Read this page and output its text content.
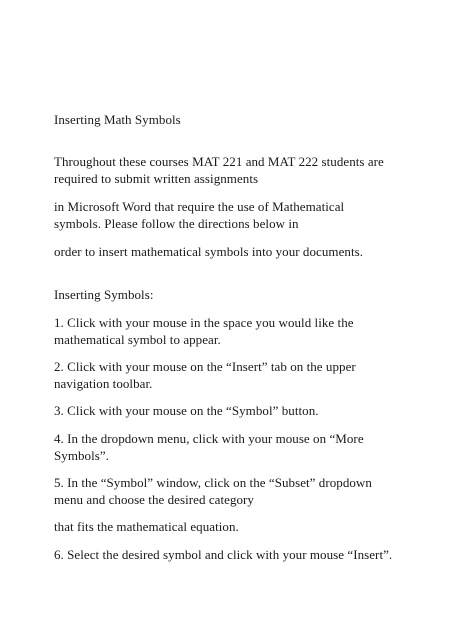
Inserting Math Symbols
Throughout these courses MAT 221 and MAT 222 students are
required to submit written assignments
in Microsoft Word that require the use of Mathematical
symbols. Please follow the directions below in
order to insert mathematical symbols into your documents.
Inserting Symbols:
1. Click with your mouse in the space you would like the
mathematical symbol to appear.
2. Click with your mouse on the “Insert” tab on the upper
navigation toolbar.
3. Click with your mouse on the “Symbol” button.
4. In the dropdown menu, click with your mouse on “More
Symbols”.
5. In the “Symbol” window, click on the “Subset” dropdown
menu and choose the desired category
that fits the mathematical equation.
6. Select the desired symbol and click with your mouse “Insert”.
